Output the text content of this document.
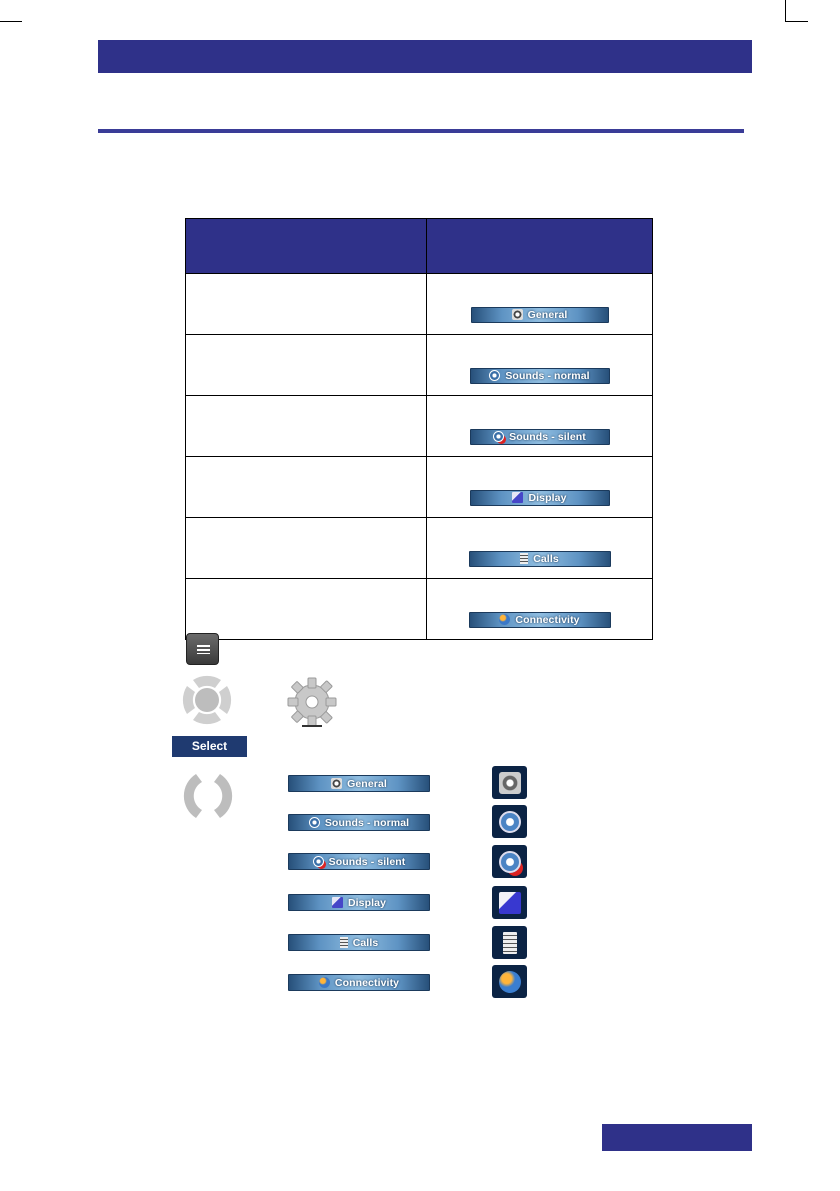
	General

	Sounds - normal

	Sounds - silent

	Display

	Calls

	Connectivity
Select
General
Sounds - normal
Sounds - silent
Display
Calls
Connectivity
